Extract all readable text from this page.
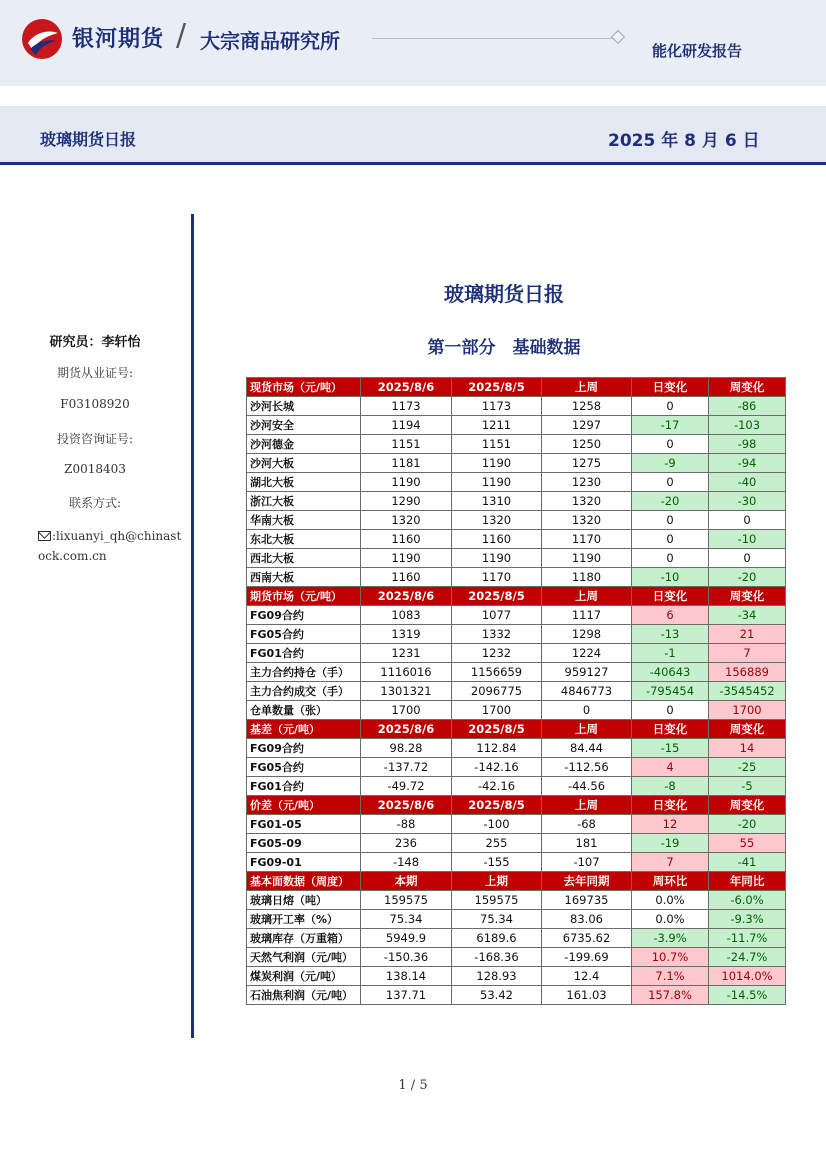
银河期货 / 大宗商品研究所	能化研发报告
玻璃期货日报	2025 年 8 月 6 日
研究员：李轩怡
期货从业证号:
F03108920
投资咨询证号:
Z0018403
联系方式:
:lixuanyi_qh@chinastock.com.cn
玻璃期货日报
第一部分　基础数据
现货市场（元/吨）	2025/8/6	2025/8/5	上周	日变化	周变化
沙河长城	1173	1173	1258	0	-86
沙河安全	1194	1211	1297	-17	-103
沙河德金	1151	1151	1250	0	-98
沙河大板	1181	1190	1275	-9	-94
湖北大板	1190	1190	1230	0	-40
浙江大板	1290	1310	1320	-20	-30
华南大板	1320	1320	1320	0	0
东北大板	1160	1160	1170	0	-10
西北大板	1190	1190	1190	0	0
西南大板	1160	1170	1180	-10	-20
期货市场（元/吨）	2025/8/6	2025/8/5	上周	日变化	周变化
FG09合约	1083	1077	1117	6	-34
FG05合约	1319	1332	1298	-13	21
FG01合约	1231	1232	1224	-1	7
主力合约持仓（手）	1116016	1156659	959127	-40643	156889
主力合约成交（手）	1301321	2096775	4846773	-795454	-3545452
仓单数量（张）	1700	1700	0	0	1700
基差（元/吨）	2025/8/6	2025/8/5	上周	日变化	周变化
FG09合约	98.28	112.84	84.44	-15	14
FG05合约	-137.72	-142.16	-112.56	4	-25
FG01合约	-49.72	-42.16	-44.56	-8	-5
价差（元/吨）	2025/8/6	2025/8/5	上周	日变化	周变化
FG01-05	-88	-100	-68	12	-20
FG05-09	236	255	181	-19	55
FG09-01	-148	-155	-107	7	-41
基本面数据（周度）	本期	上期	去年同期	周环比	年同比
玻璃日熔（吨）	159575	159575	169735	0.0%	-6.0%
玻璃开工率（%）	75.34	75.34	83.06	0.0%	-9.3%
玻璃库存（万重箱）	5949.9	6189.6	6735.62	-3.9%	-11.7%
天然气利润（元/吨）	-150.36	-168.36	-199.69	10.7%	-24.7%
煤炭利润（元/吨）	138.14	128.93	12.4	7.1%	1014.0%
石油焦利润（元/吨）	137.71	53.42	161.03	157.8%	-14.5%
1 / 5
